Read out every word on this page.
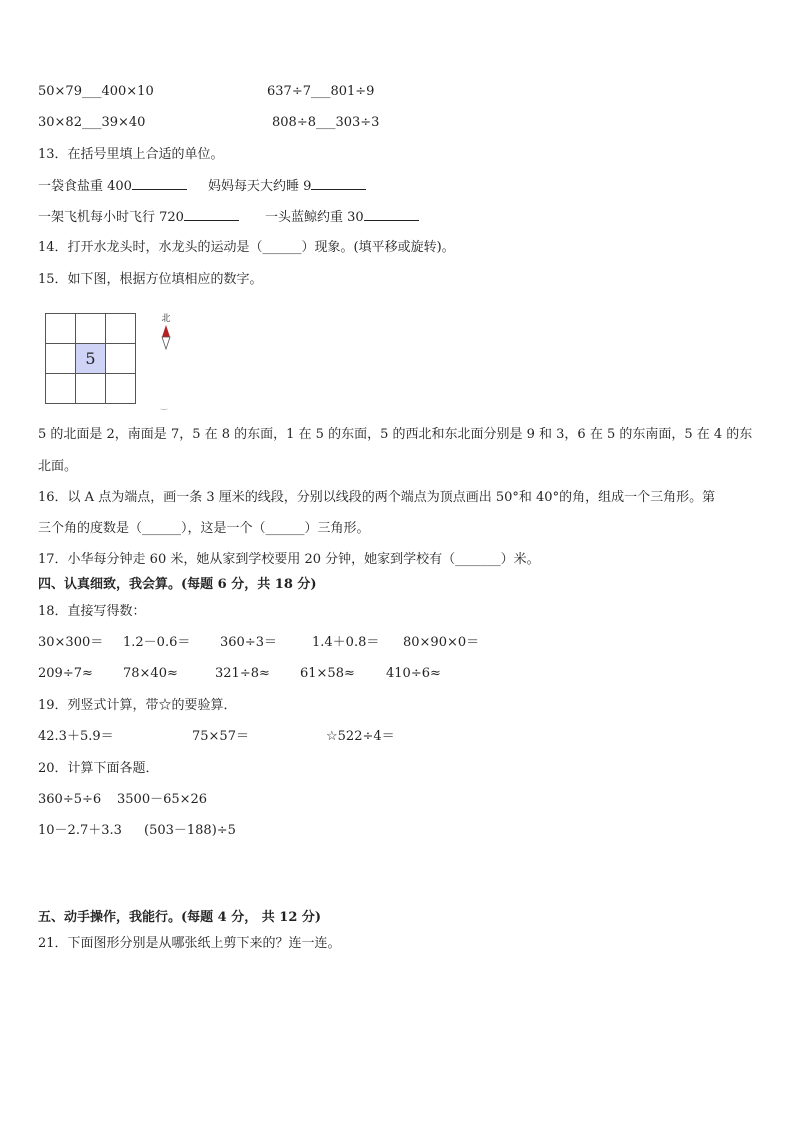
50×79___400×10	637÷7___801÷9
30×82___39×40	808÷8___303÷3
13．在括号里填上合适的单位。
一袋食盐重 400	妈妈每天大约睡 9
一架飞机每小时飞行 720	一头蓝鲸约重 30
14．打开水龙头时，水龙头的运动是（______）现象。(填平移或旋转)。
15．如下图，根据方位填相应的数字。
5
北
5 的北面是 2，南面是 7，5 在 8 的东面，1 在 5 的东面，5 的西北和东北面分别是 9 和 3，6 在 5 的东南面，5 在 4 的东
北面。
16．以 A 点为端点，画一条 3 厘米的线段，分别以线段的两个端点为顶点画出 50°和 40°的角，组成一个三角形。第
三个角的度数是（______），这是一个（______）三角形。
17．小华每分钟走 60 米，她从家到学校要用 20 分钟，她家到学校有（_______）米。
四、认真细致，我会算。(每题 6 分，共 18 分)
18．直接写得数：
30×300＝ 1.2－0.6＝ 360÷3＝	1.4＋0.8＝ 80×90×0＝
209÷7≈ 78×40≈	321÷8≈ 61×58≈ 410÷6≈
19．列竖式计算，带☆的要验算．
42.3＋5.9＝	75×57＝	☆522÷4＝
20．计算下面各题．
360÷5÷6 3500－65×26
10－2.7＋3.3 (503－188)÷5
五、动手操作，我能行。(每题 4 分， 共 12 分)
21．下面图形分别是从哪张纸上剪下来的？连一连。
